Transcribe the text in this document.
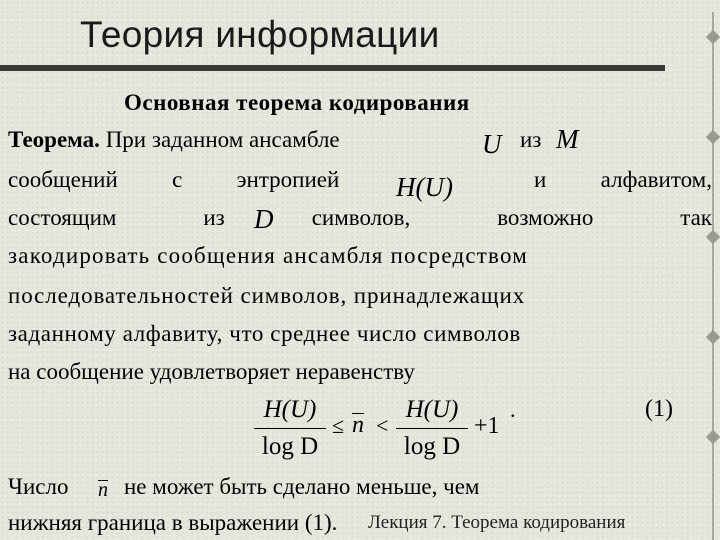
Теория информации
Основная теорема кодирования
Теорема. При заданном ансамбле	U из M
сообщений с энтропией	и алфавитом,
H(U)
состоящим	из	символов,	возможно	так
D
закодировать сообщения ансамбля посредством
последовательностей символов, принадлежащих
заданному алфавиту, что среднее число символов
на сообщение удовлетворяет неравенству
H(U)
log D
≤ n <
H(U)
log D
+1
.	(1)
Число n не может быть сделано меньше, чем
нижняя граница в выражении (1). Лекция 7. Теорема кодирования
